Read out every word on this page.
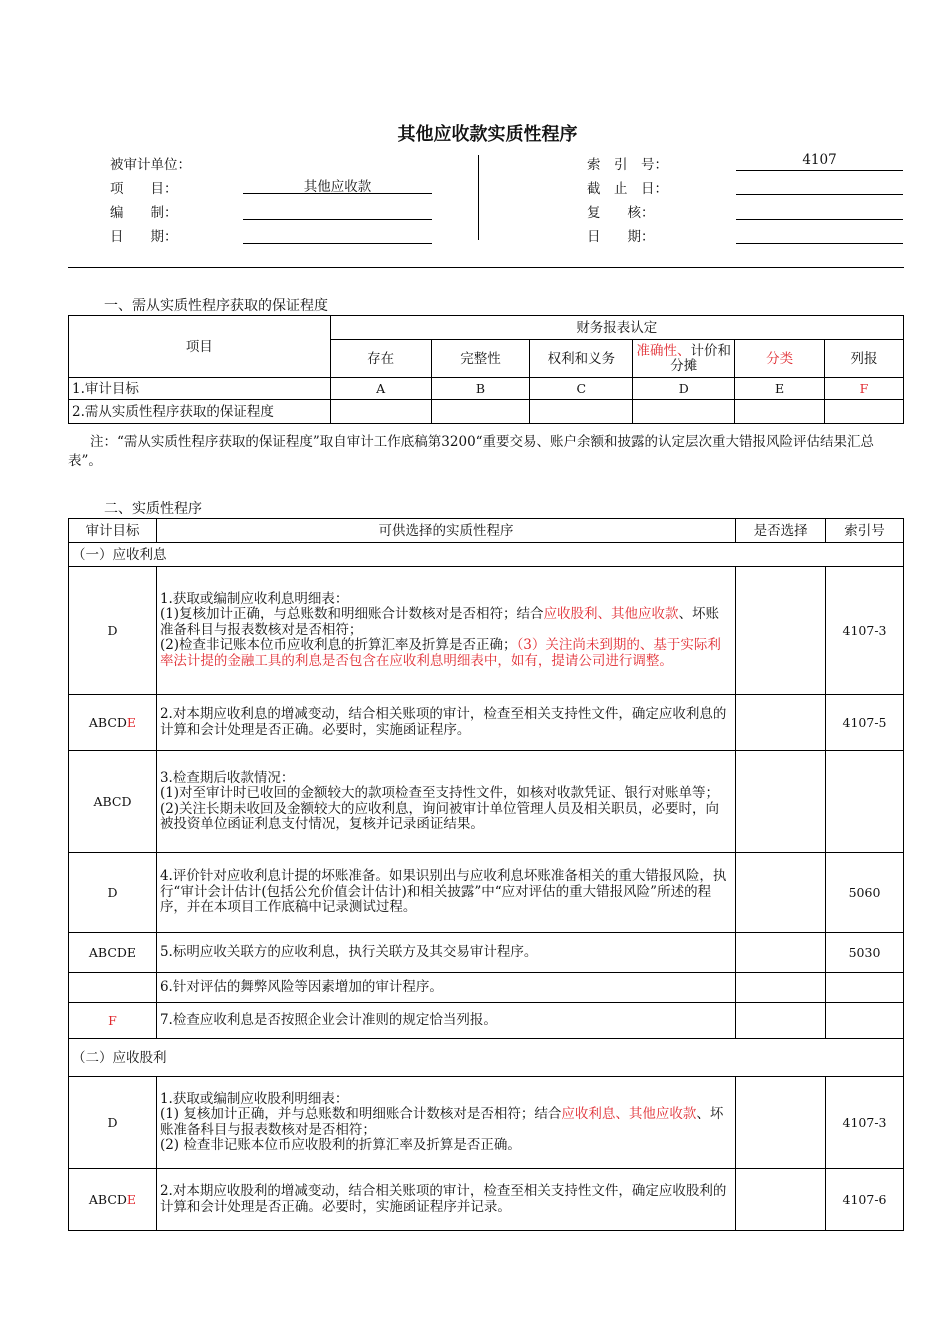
其他应收款实质性程序
被审计单位：
项　　目：	其他应收款
编　　制：
日　　期：
索　引　号：	4107
截　止　日：
复　　核：
日　　期：
一、需从实质性程序获取的保证程度
项目	财务报表认定					
	存在	完整性	权利和义务	准确性、计价和分摊	分类	列报
1.审计目标	A	B	C	D	E	F
2.需从实质性程序获取的保证程度						
注：“需从实质性程序获取的保证程度”取自审计工作底稿第3200“重要交易、账户余额和披露的认定层次重大错报风险评估结果汇总表”。
二、实质性程序
审计目标	可供选择的实质性程序	是否选择	索引号
（一）应收利息			
D	1.获取或编制应收利息明细表：
(1)复核加计正确，与总账数和明细账合计数核对是否相符；结合应收股利、其他应收款、坏账准备科目与报表数核对是否相符；
(2)检查非记账本位币应收利息的折算汇率及折算是否正确；（3）关注尚未到期的、基于实际利率法计提的金融工具的利息是否包含在应收利息明细表中，如有，提请公司进行调整。		4107-3
ABCDE	2.对本期应收利息的增减变动，结合相关账项的审计，检查至相关支持性文件，确定应收利息的计算和会计处理是否正确。必要时，实施函证程序。		4107-5
ABCD	3.检查期后收款情况：
(1)对至审计时已收回的金额较大的款项检查至支持性文件，如核对收款凭证、银行对账单等；
(2)关注长期未收回及金额较大的应收利息，询问被审计单位管理人员及相关职员，必要时，向被投资单位函证利息支付情况，复核并记录函证结果。		

D	4.评价针对应收利息计提的坏账准备。如果识别出与应收利息坏账准备相关的重大错报风险，执行“审计会计估计(包括公允价值会计估计)和相关披露”中“应对评估的重大错报风险”所述的程序，并在本项目工作底稿中记录测试过程。		5060
ABCDE	5.标明应收关联方的应收利息，执行关联方及其交易审计程序。		5030
	6.针对评估的舞弊风险等因素增加的审计程序。		
F	7.检查应收利息是否按照企业会计准则的规定恰当列报。		
（二）应收股利			
D	1.获取或编制应收股利明细表：
(1) 复核加计正确，并与总账数和明细账合计数核对是否相符；结合应收利息、其他应收款、坏账准备科目与报表数核对是否相符；
(2) 检查非记账本位币应收股利的折算汇率及折算是否正确。		4107-3
ABCDE	2.对本期应收股利的增减变动，结合相关账项的审计，检查至相关支持性文件，确定应收股利的计算和会计处理是否正确。必要时，实施函证程序并记录。		4107-6
